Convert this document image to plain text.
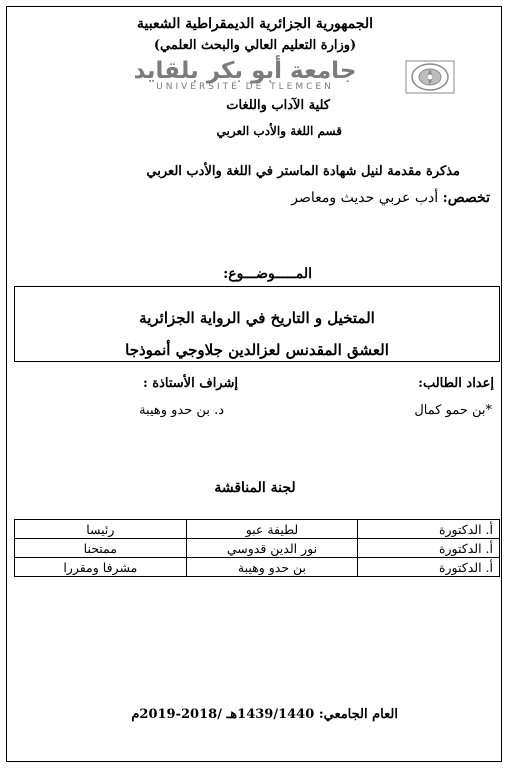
الجمهورية الجزائرية الديمقراطية الشعبية
(وزارة التعليم العالي والبحث العلمي)
جامعة أبو بكر بلقايد
UNIVERSITÉ DE TLEMCEN
كلية الآداب واللغات
قسم اللغة والأدب العربي
مذكرة مقدمة لنيل شهادة الماستر في اللغة والأدب العربي
تخصص: أدب عربي حديث ومعاصر
المـــــوضـــوع:
المتخيل و التاريخ في الرواية الجزائرية
العشق المقدنس لعزالدين جلاوجي أنموذجا
إعداد الطالب:
*بن حمو كمال
إشراف الأستاذة :
د. بن حدو وهيبة
لجنة المناقشة
أ. الدكتورة	لطيفة عبو	رئيسا
أ. الدكتورة	نور الدين قدوسي	ممتحنا
أ. الدكتورة	بن حدو وهيبة	مشرفا ومقررا
العام الجامعي: 1439/1440هـ /2018-2019م
